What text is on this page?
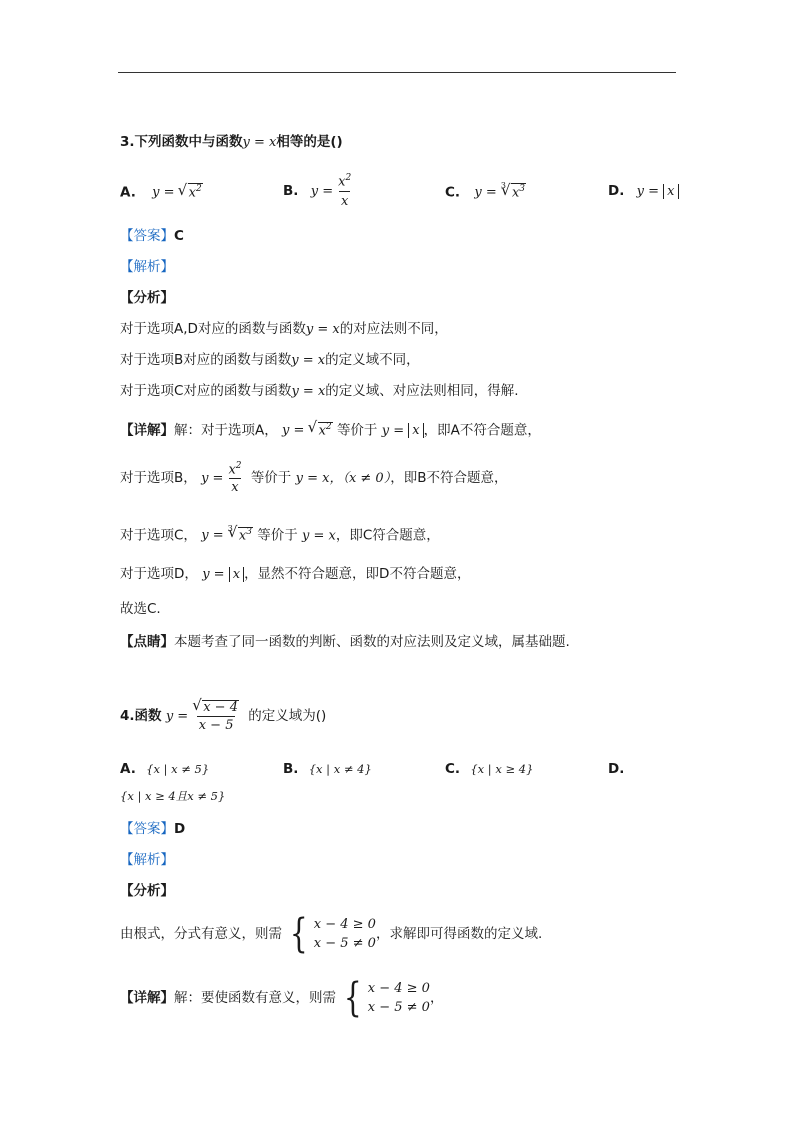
3.下列函数中与函数y = x相等的是()
A. y = √ $x^2$	B. $y = \frac{x^2}{x}$	C. y = $^3$ √ $x^3$	D. y = x
【答案】C
【解析】
【分析】
对于选项A,D对应的函数与函数y = x的对应法则不同，
对于选项B对应的函数与函数y = x的定义域不同，
对于选项C对应的函数与函数y = x的定义域、对应法则相同，得解.
【详解】解：对于选项A， y = √ $x^2$ 等价于 y = x ，即A不符合题意，
对于选项B， $y = \frac{x^2}{x}$ 等价于 y = x，（x ≠ 0），即B不符合题意，
对于选项C， y = $^3$ √ $x^3$ 等价于 y = x，即C符合题意，
对于选项D， y = x ，显然不符合题意，即D不符合题意，
故选C.
【点睛】本题考查了同一函数的判断、函数的对应法则及定义域，属基础题.
4.函数 y = √ $\frac{x - 4}{x - 5}$ 的定义域为()
A. {x | x ≠ 5}	B. {x | x ≠ 4}	C. {x | x ≥ 4}	D.
{x | x ≥ 4且x ≠ 5}
【答案】D
【解析】
【分析】
由根式，分式有意义，则需 { x − 4 ≥ 0
x − 5 ≠ 0
，求解即可得函数的定义域.
【详解】解：要使函数有意义，则需 { x − 4 ≥ 0
x − 5 ≠ 0
，
